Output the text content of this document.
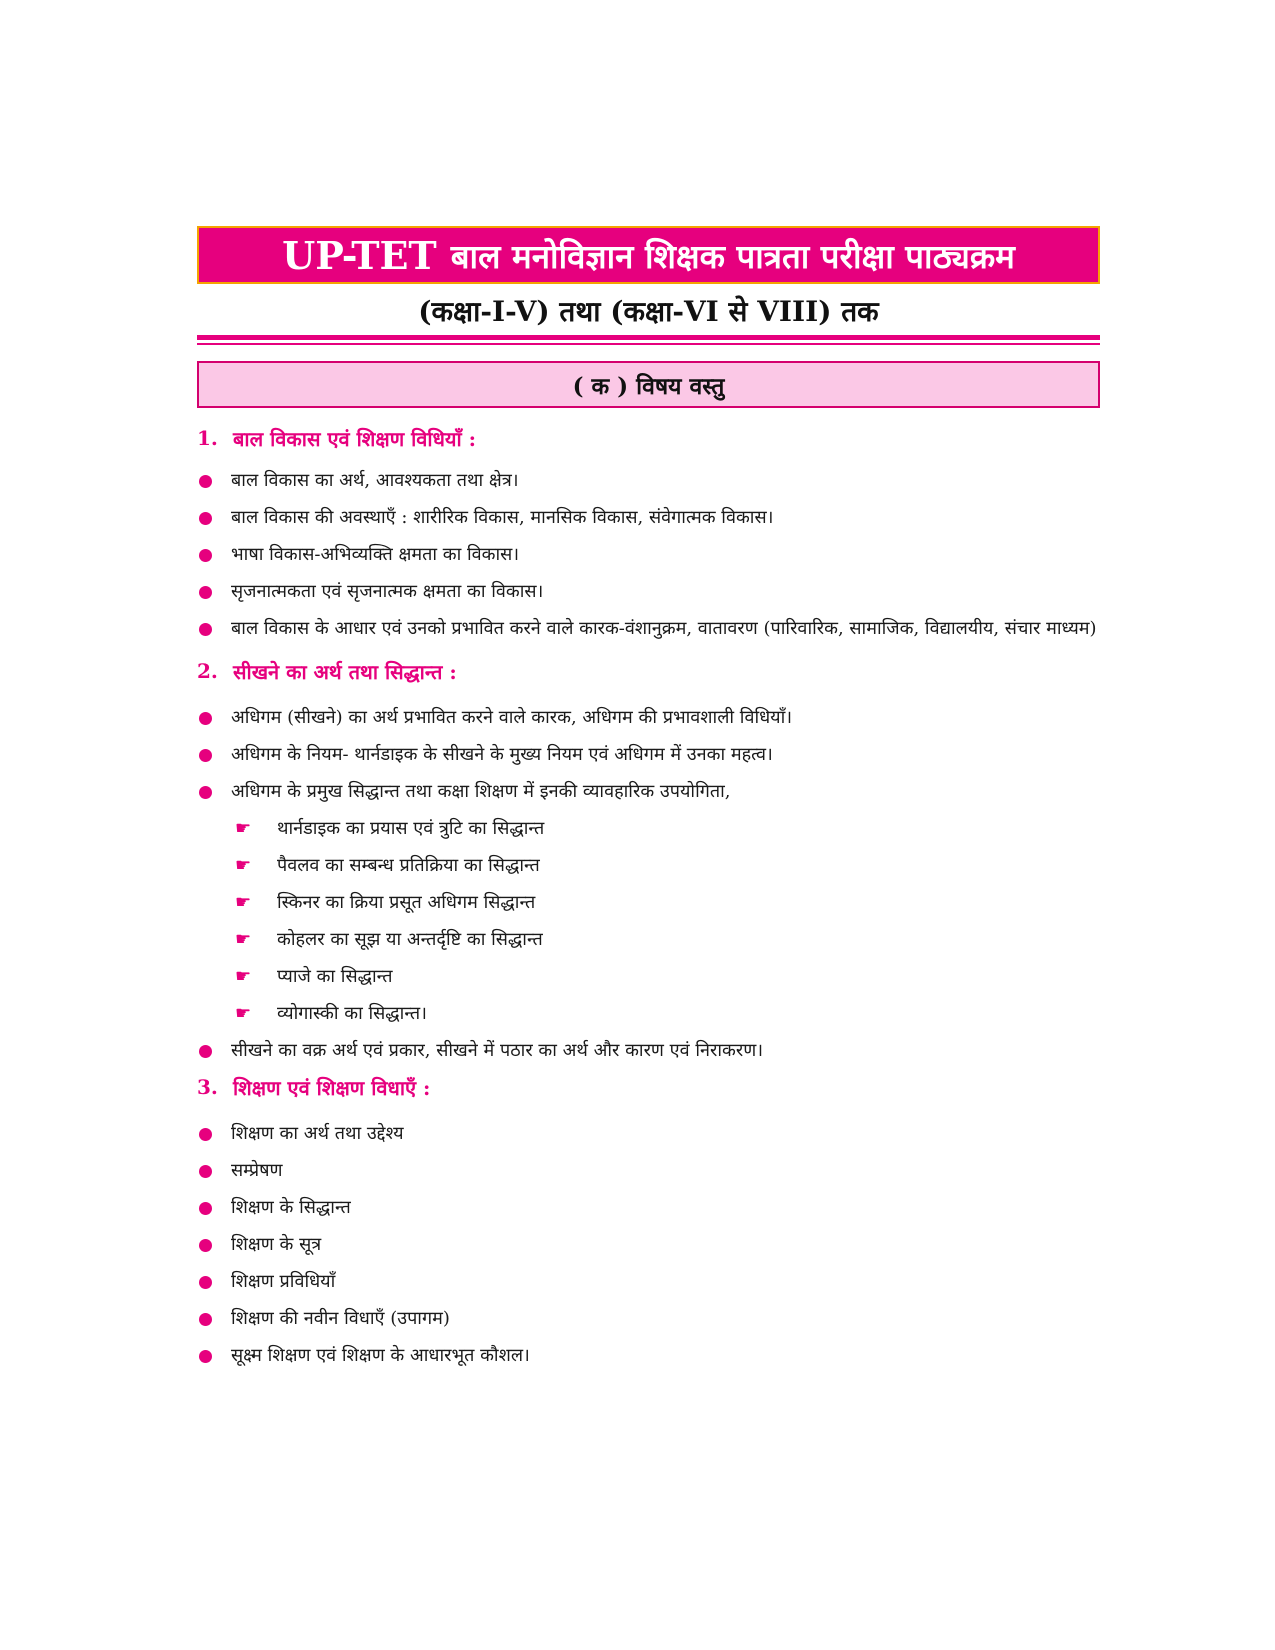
UP-TET बाल मनोविज्ञान शिक्षक पात्रता परीक्षा पाठ्यक्रम
(कक्षा-I-V) तथा (कक्षा-VI से VIII) तक
( क ) विषय वस्तु
1. बाल विकास एवं शिक्षण विधियाँ :
बाल विकास का अर्थ, आवश्यकता तथा क्षेत्र।
बाल विकास की अवस्थाएँ : शारीरिक विकास, मानसिक विकास, संवेगात्मक विकास।
भाषा विकास-अभिव्यक्ति क्षमता का विकास।
सृजनात्मकता एवं सृजनात्मक क्षमता का विकास।
बाल विकास के आधार एवं उनको प्रभावित करने वाले कारक-वंशानुक्रम, वातावरण (पारिवारिक, सामाजिक, विद्यालयीय, संचार माध्यम)
2. सीखने का अर्थ तथा सिद्धान्त :
अधिगम (सीखने) का अर्थ प्रभावित करने वाले कारक, अधिगम की प्रभावशाली विधियाँ।
अधिगम के नियम- थार्नडाइक के सीखने के मुख्य नियम एवं अधिगम में उनका महत्व।
अधिगम के प्रमुख सिद्धान्त तथा कक्षा शिक्षण में इनकी व्यावहारिक उपयोगिता,
☛ थार्नडाइक का प्रयास एवं त्रुटि का सिद्धान्त
☛ पैवलव का सम्बन्ध प्रतिक्रिया का सिद्धान्त
☛ स्किनर का क्रिया प्रसूत अधिगम सिद्धान्त
☛ कोहलर का सूझ या अन्तर्दृष्टि का सिद्धान्त
☛ प्याजे का सिद्धान्त
☛ व्योगास्की का सिद्धान्त।
सीखने का वक्र अर्थ एवं प्रकार, सीखने में पठार का अर्थ और कारण एवं निराकरण।
3. शिक्षण एवं शिक्षण विधाएँ :
शिक्षण का अर्थ तथा उद्देश्य
सम्प्रेषण
शिक्षण के सिद्धान्त
शिक्षण के सूत्र
शिक्षण प्रविधियाँ
शिक्षण की नवीन विधाएँ (उपागम)
सूक्ष्म शिक्षण एवं शिक्षण के आधारभूत कौशल।
